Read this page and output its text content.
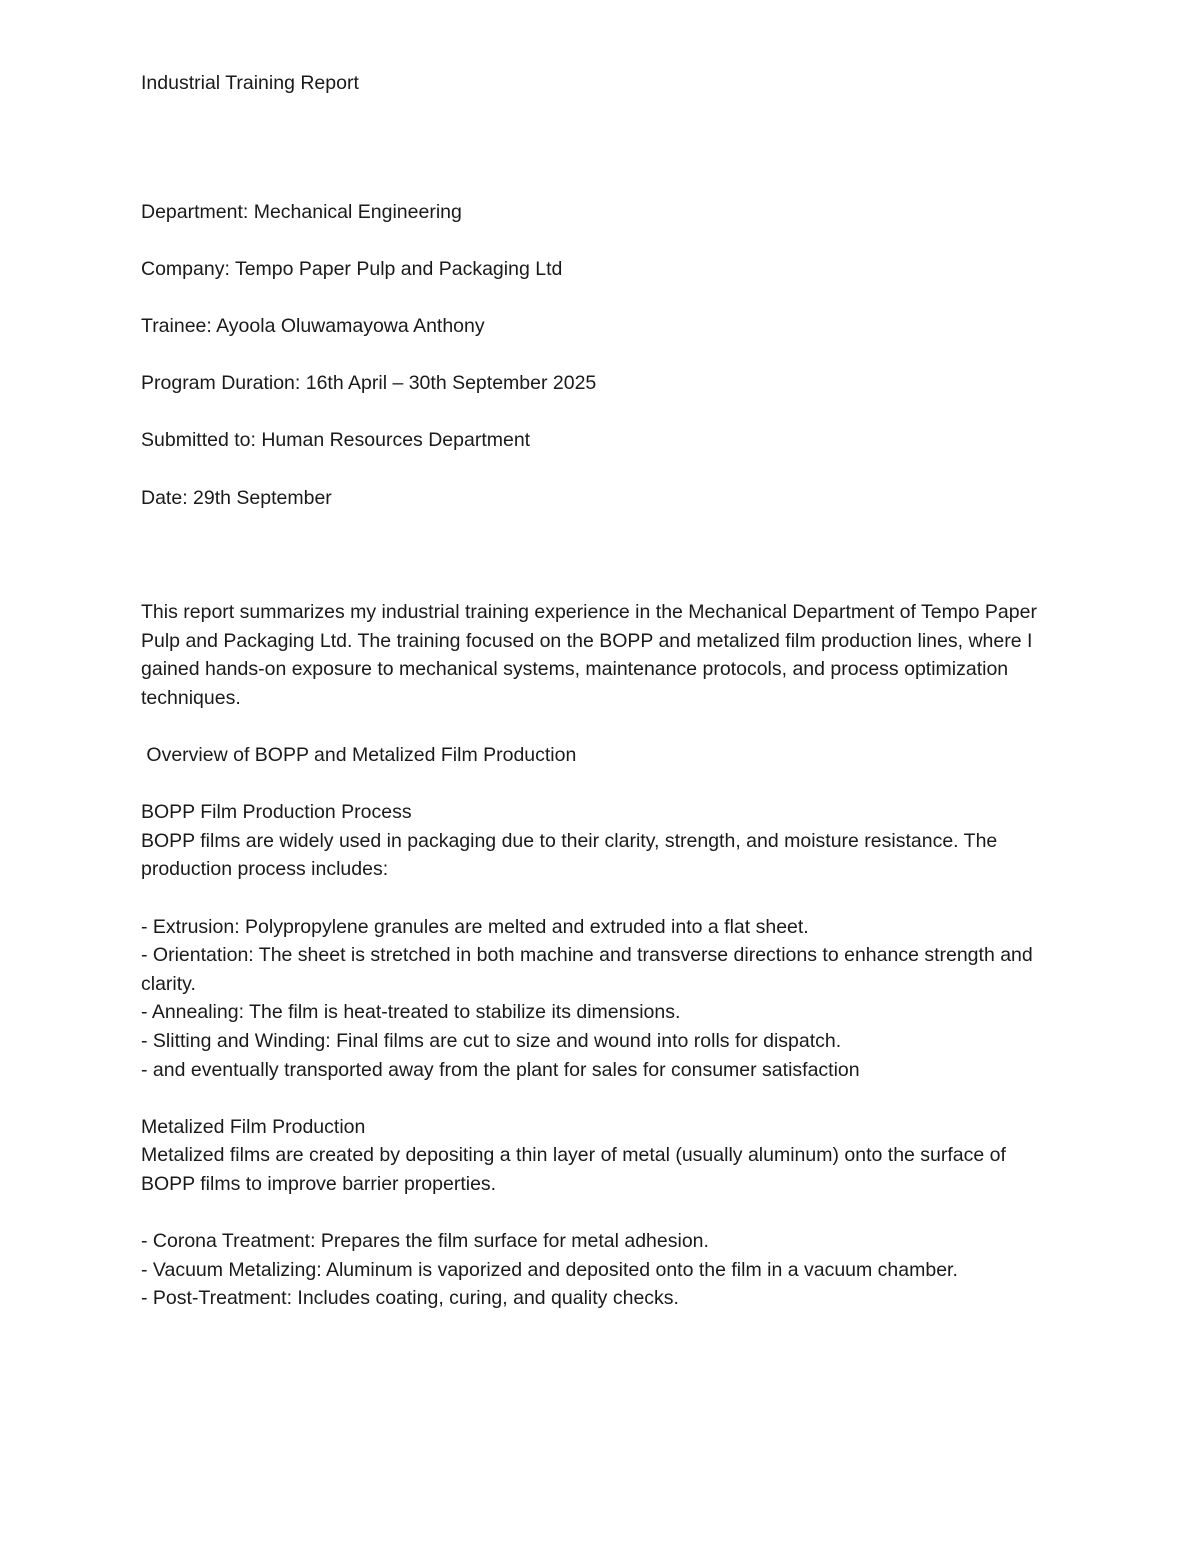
Industrial Training Report

Department: Mechanical Engineering

Company: Tempo Paper Pulp and Packaging Ltd

Trainee: Ayoola Oluwamayowa Anthony

Program Duration: 16th April – 30th September 2025

Submitted to: Human Resources Department

Date: 29th September

This report summarizes my industrial training experience in the Mechanical Department of Tempo Paper Pulp and Packaging Ltd. The training focused on the BOPP and metalized film production lines, where I gained hands-on exposure to mechanical systems, maintenance protocols, and process optimization techniques.

Overview of BOPP and Metalized Film Production

BOPP Film Production Process

BOPP films are widely used in packaging due to their clarity, strength, and moisture resistance. The production process includes:

- Extrusion: Polypropylene granules are melted and extruded into a flat sheet.
- Orientation: The sheet is stretched in both machine and transverse directions to enhance strength and clarity.
- Annealing: The film is heat-treated to stabilize its dimensions.
- Slitting and Winding: Final films are cut to size and wound into rolls for dispatch.
- and eventually transported away from the plant for sales for consumer satisfaction

Metalized Film Production

Metalized films are created by depositing a thin layer of metal (usually aluminum) onto the surface of BOPP films to improve barrier properties.

- Corona Treatment: Prepares the film surface for metal adhesion.
- Vacuum Metalizing: Aluminum is vaporized and deposited onto the film in a vacuum chamber.
- Post-Treatment: Includes coating, curing, and quality checks.
